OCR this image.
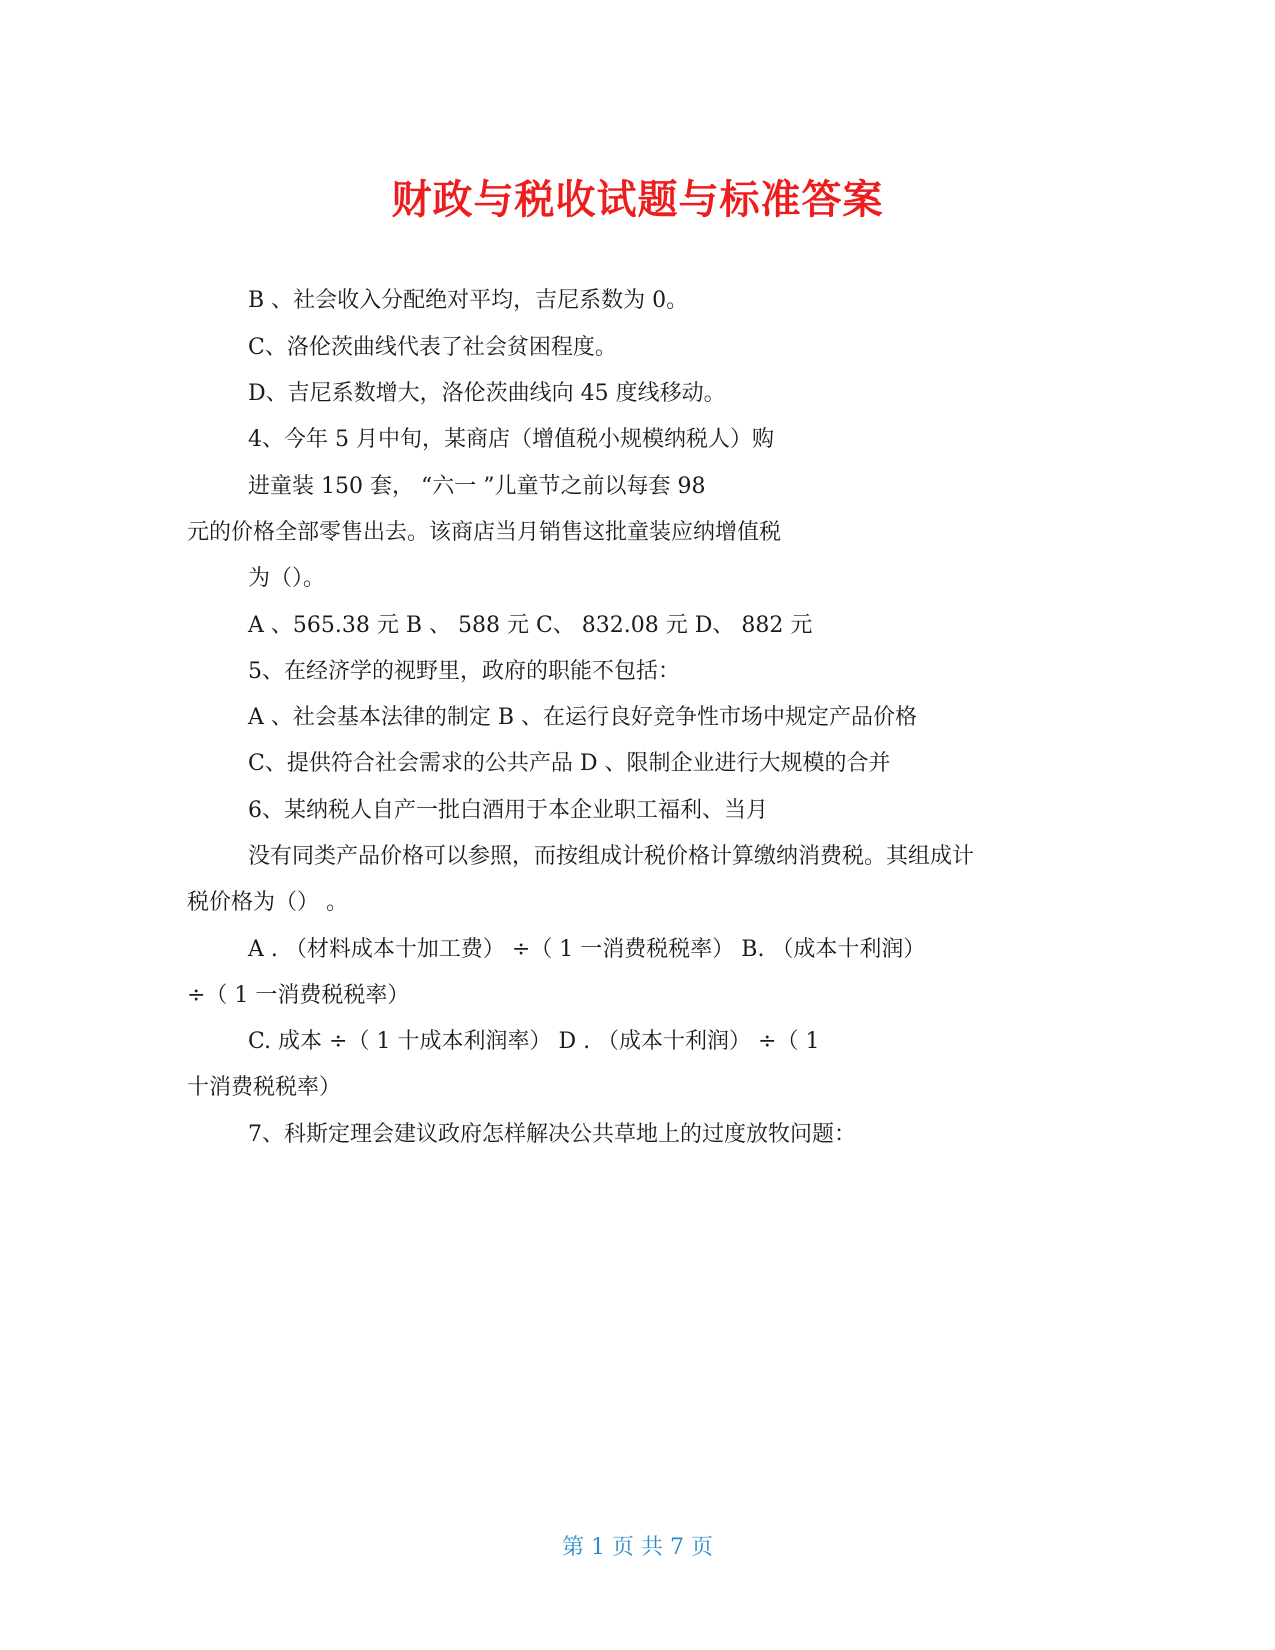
财政与税收试题与标准答案
B 、社会收入分配绝对平均，吉尼系数为 0。
C、洛伦茨曲线代表了社会贫困程度。
D、吉尼系数增大，洛伦茨曲线向 45 度线移动。
4、今年 5 月中旬，某商店（增值税小规模纳税人）购
进童装 150 套， “六一 ”儿童节之前以每套 98
元的价格全部零售出去。该商店当月销售这批童装应纳增值税
为（）。
A 、565.38 元 B 、 588 元 C、 832.08 元 D、 882 元
5、在经济学的视野里，政府的职能不包括：
A 、社会基本法律的制定 B 、在运行良好竞争性市场中规定产品价格
C、提供符合社会需求的公共产品 D 、限制企业进行大规模的合并
6、某纳税人自产一批白酒用于本企业职工福利、当月
没有同类产品价格可以参照，而按组成计税价格计算缴纳消费税。其组成计
税价格为（） 。
A . （材料成本十加工费） ÷（ 1 一消费税税率） B. （成本十利润）
÷（ 1 一消费税税率）
C. 成本 ÷（ 1 十成本利润率） D . （成本十利润） ÷（ 1
十消费税税率）
7、科斯定理会建议政府怎样解决公共草地上的过度放牧问题：
第 1 页 共 7 页
